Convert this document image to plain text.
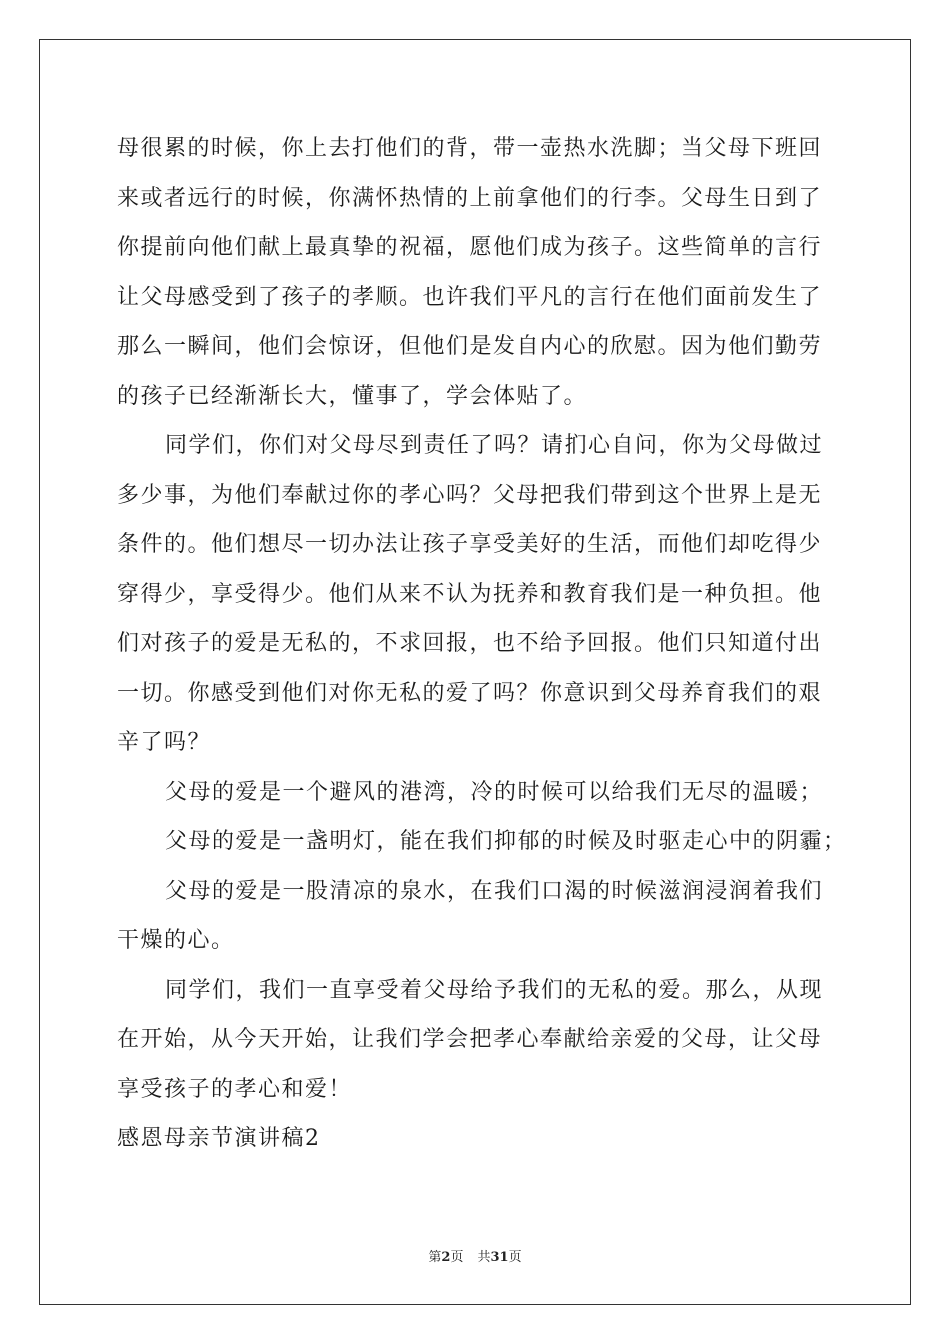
母很累的时候，你上去打他们的背，带一壶热水洗脚；当父母下班回
来或者远行的时候，你满怀热情的上前拿他们的行李。父母生日到了
你提前向他们献上最真挚的祝福，愿他们成为孩子。这些简单的言行
让父母感受到了孩子的孝顺。也许我们平凡的言行在他们面前发生了
那么一瞬间，他们会惊讶，但他们是发自内心的欣慰。因为他们勤劳
的孩子已经渐渐长大，懂事了，学会体贴了。
同学们，你们对父母尽到责任了吗？请扪心自问，你为父母做过
多少事，为他们奉献过你的孝心吗？父母把我们带到这个世界上是无
条件的。他们想尽一切办法让孩子享受美好的生活，而他们却吃得少
穿得少，享受得少。他们从来不认为抚养和教育我们是一种负担。他
们对孩子的爱是无私的，不求回报，也不给予回报。他们只知道付出
一切。你感受到他们对你无私的爱了吗？你意识到父母养育我们的艰
辛了吗？
父母的爱是一个避风的港湾，冷的时候可以给我们无尽的温暖；
父母的爱是一盏明灯，能在我们抑郁的时候及时驱走心中的阴霾；
父母的爱是一股清凉的泉水，在我们口渴的时候滋润浸润着我们
干燥的心。
同学们，我们一直享受着父母给予我们的无私的爱。那么，从现
在开始，从今天开始，让我们学会把孝心奉献给亲爱的父母，让父母
享受孩子的孝心和爱！
感恩母亲节演讲稿2
第2页 共31页
